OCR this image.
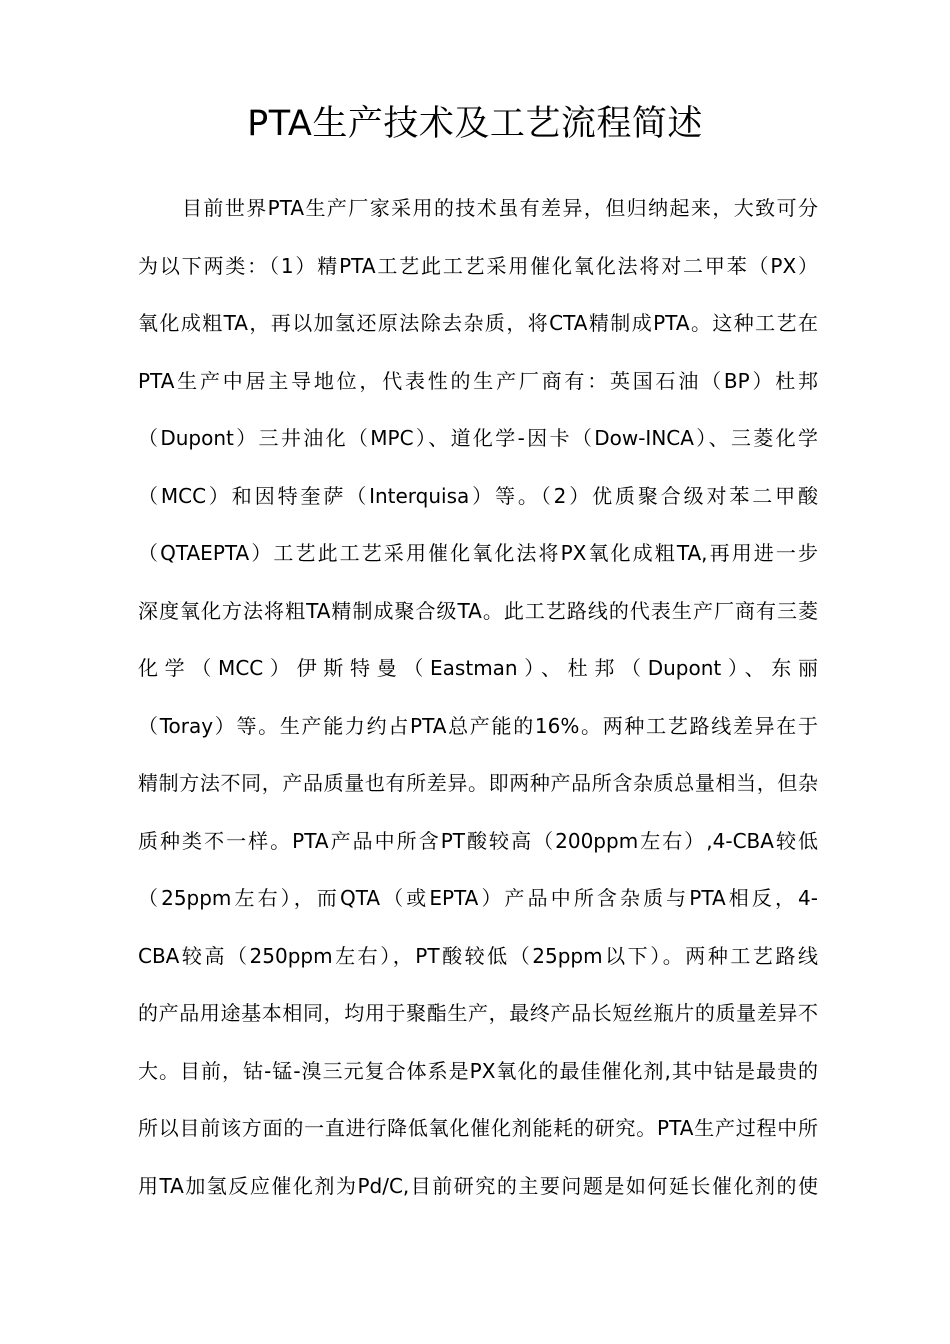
PTA生产技术及工艺流程简述
目前世界PTA生产厂家采用的技术虽有差异，但归纳起来，大致可分
为以下两类：（1）精PTA工艺此工艺采用催化氧化法将对二甲苯（PX）
氧化成粗TA，再以加氢还原法除去杂质，将CTA精制成PTA。这种工艺在
PTA生产中居主导地位，代表性的生产厂商有：英国石油（BP）杜邦
（Dupont）三井油化（MPC）、道化学-因卡（Dow-INCA）、三菱化学
（MCC）和因特奎萨（Interquisa）等。（2）优质聚合级对苯二甲酸
（QTAEPTA）工艺此工艺采用催化氧化法将PX氧化成粗TA,再用进一步
深度氧化方法将粗TA精制成聚合级TA。此工艺路线的代表生产厂商有三菱
化学（MCC）伊斯特曼（Eastman）、杜邦（Dupont）、东丽
（Toray）等。生产能力约占PTA总产能的16%。两种工艺路线差异在于
精制方法不同，产品质量也有所差异。即两种产品所含杂质总量相当，但杂
质种类不一样。PTA产品中所含PT酸较高（200ppm左右）,4-CBA较低
（25ppm左右），而QTA（或EPTA）产品中所含杂质与PTA相反，4-
CBA较高（250ppm左右），PT酸较低（25ppm以下）。两种工艺路线
的产品用途基本相同，均用于聚酯生产，最终产品长短丝瓶片的质量差异不
大。目前，钴-锰-溴三元复合体系是PX氧化的最佳催化剂,其中钴是最贵的
所以目前该方面的一直进行降低氧化催化剂能耗的研究。PTA生产过程中所
用TA加氢反应催化剂为Pd/C,目前研究的主要问题是如何延长催化剂的使
